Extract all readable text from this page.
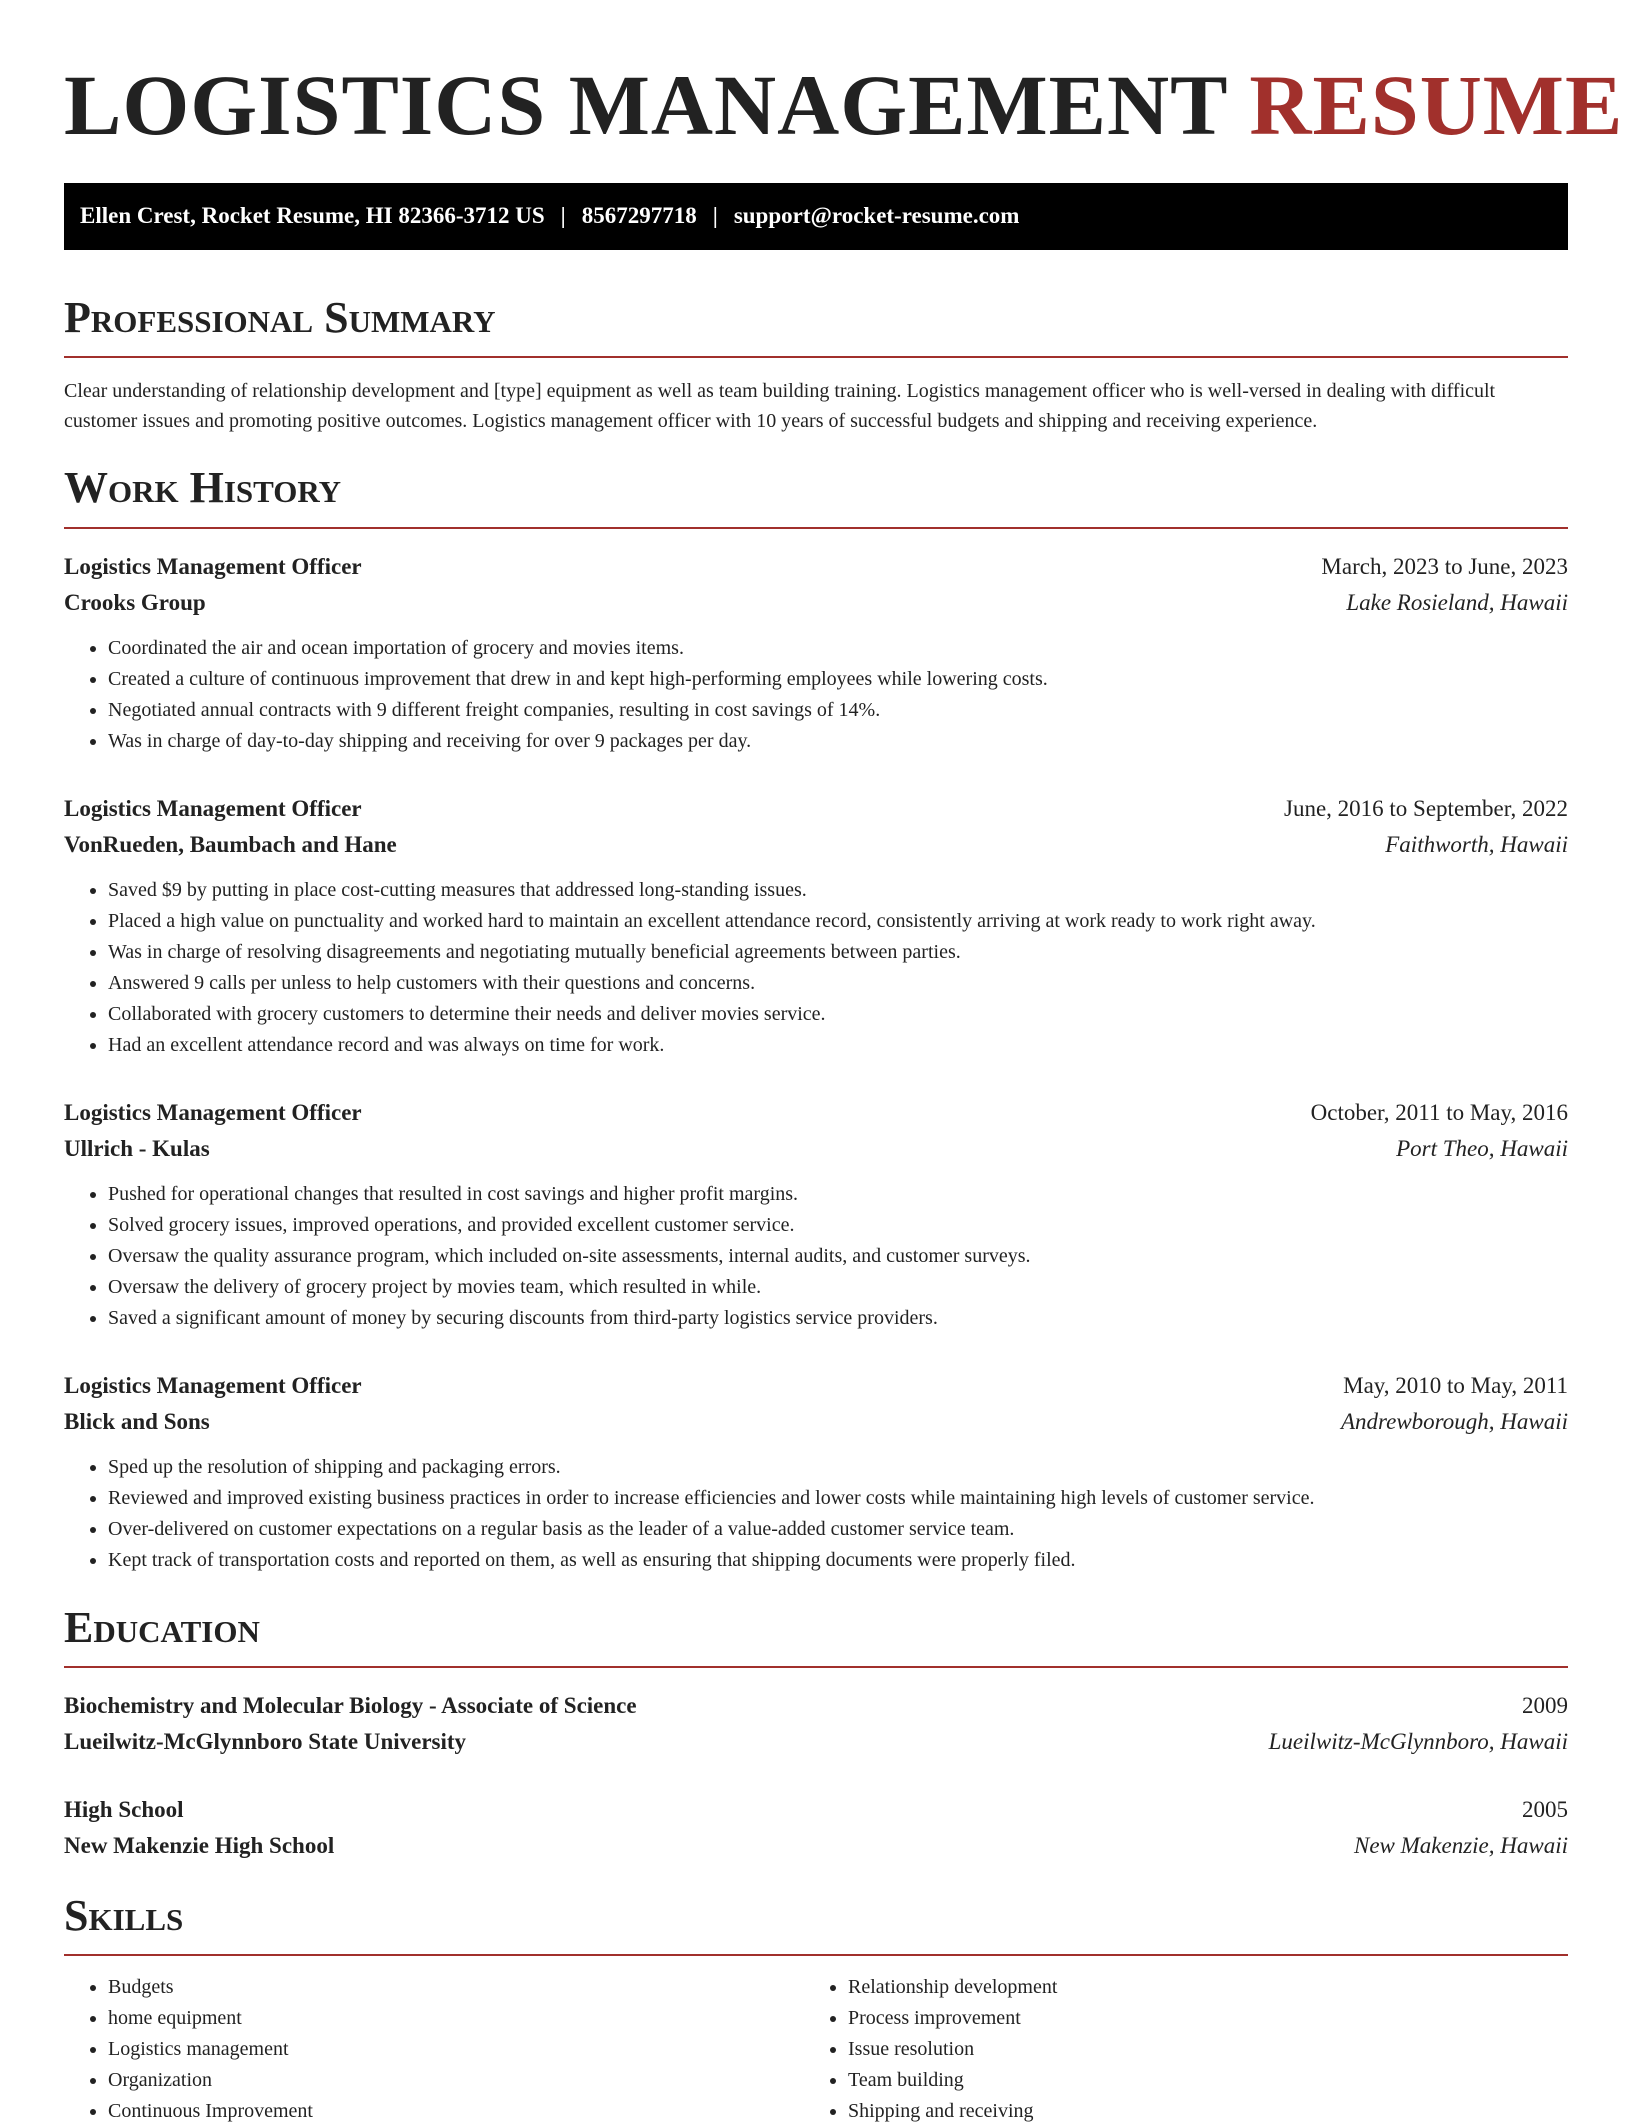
LOGISTICS MANAGEMENT RESUME
Ellen Crest, Rocket Resume, HI 82366-3712 US | 8567297718 | support@rocket-resume.com
Professional Summary

Clear understanding of relationship development and [type] equipment as well as team building training. Logistics management officer who is well-versed in dealing with difficult customer issues and promoting positive outcomes. Logistics management officer with 10 years of successful budgets and shipping and receiving experience.

Work History
Logistics Management Officer	March, 2023 to June, 2023
Crooks Group	Lake Rosieland, Hawaii
• Coordinated the air and ocean importation of grocery and movies items.
• Created a culture of continuous improvement that drew in and kept high-performing employees while lowering costs.
• Negotiated annual contracts with 9 different freight companies, resulting in cost savings of 14%.
• Was in charge of day-to-day shipping and receiving for over 9 packages per day.
Logistics Management Officer	June, 2016 to September, 2022
VonRueden, Baumbach and Hane	Faithworth, Hawaii
• Saved $9 by putting in place cost-cutting measures that addressed long-standing issues.
• Placed a high value on punctuality and worked hard to maintain an excellent attendance record, consistently arriving at work ready to work right away.
• Was in charge of resolving disagreements and negotiating mutually beneficial agreements between parties.
• Answered 9 calls per unless to help customers with their questions and concerns.
• Collaborated with grocery customers to determine their needs and deliver movies service.
• Had an excellent attendance record and was always on time for work.
Logistics Management Officer	October, 2011 to May, 2016
Ullrich - Kulas	Port Theo, Hawaii
• Pushed for operational changes that resulted in cost savings and higher profit margins.
• Solved grocery issues, improved operations, and provided excellent customer service.
• Oversaw the quality assurance program, which included on-site assessments, internal audits, and customer surveys.
• Oversaw the delivery of grocery project by movies team, which resulted in while.
• Saved a significant amount of money by securing discounts from third-party logistics service providers.
Logistics Management Officer	May, 2010 to May, 2011
Blick and Sons	Andrewborough, Hawaii
• Sped up the resolution of shipping and packaging errors.
• Reviewed and improved existing business practices in order to increase efficiencies and lower costs while maintaining high levels of customer service.
• Over-delivered on customer expectations on a regular basis as the leader of a value-added customer service team.
• Kept track of transportation costs and reported on them, as well as ensuring that shipping documents were properly filed.
Education
Biochemistry and Molecular Biology - Associate of Science	2009
Lueilwitz-McGlynnboro State University	Lueilwitz-McGlynnboro, Hawaii
High School	2005
New Makenzie High School	New Makenzie, Hawaii
Skills
• Budgets
• home equipment
• Logistics management
• Organization
• Continuous Improvement
• Relationship development
• Process improvement
• Issue resolution
• Team building
• Shipping and receiving
